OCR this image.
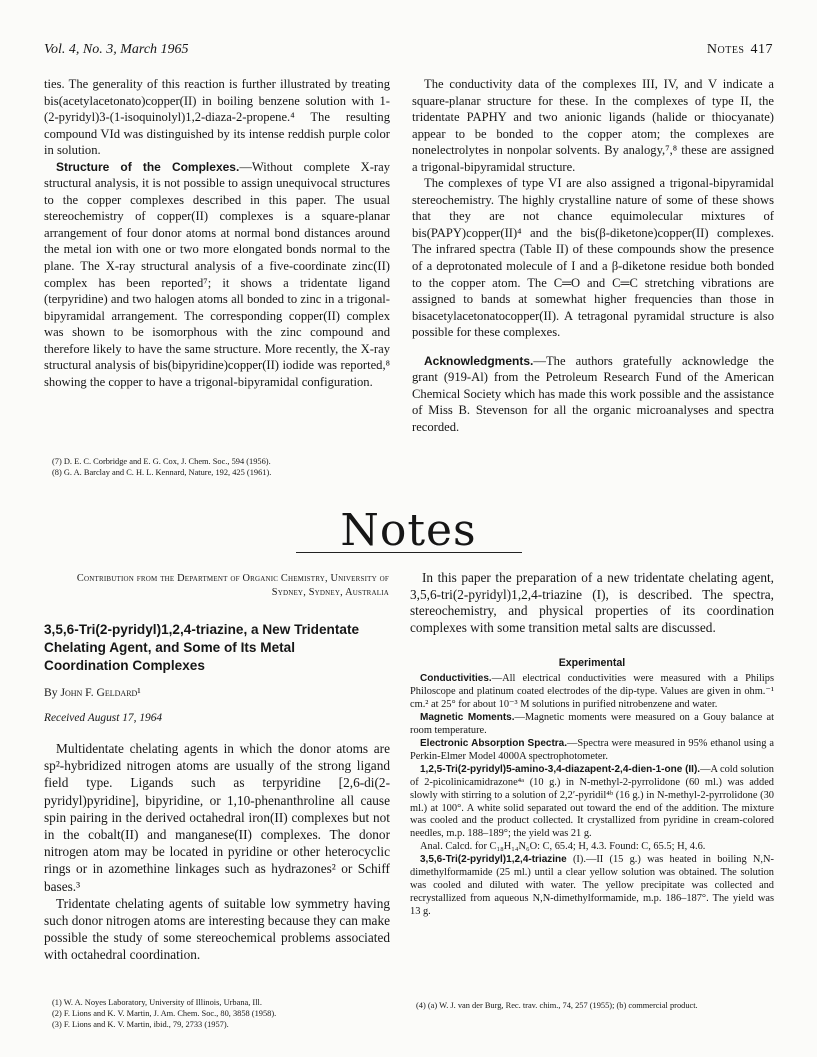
Vol. 4, No. 3, March 1965	Notes 417

ties. The generality of this reaction is further illustrated by treating bis(acetylacetonato)copper(II) in boiling benzene solution with 1-(2-pyridyl)3-(1-isoquinolyl)1,2-diaza-2-propene.⁴ The resulting compound VId was distinguished by its intense reddish purple color in solution.

Structure of the Complexes.—Without complete X-ray structural analysis, it is not possible to assign unequivocal structures to the copper complexes described in this paper. The usual stereochemistry of copper(II) complexes is a square-planar arrangement of four donor atoms at normal bond distances around the metal ion with one or two more elongated bonds normal to the plane. The X-ray structural analysis of a five-coordinate zinc(II) complex has been reported⁷; it shows a tridentate ligand (terpyridine) and two halogen atoms all bonded to zinc in a trigonal-bipyramidal arrangement. The corresponding copper(II) complex was shown to be isomorphous with the zinc compound and therefore likely to have the same structure. More recently, the X-ray structural analysis of bis(bipyridine)copper(II) iodide was reported,⁸ showing the copper to have a trigonal-bipyramidal configuration.

(7) D. E. C. Corbridge and E. G. Cox, J. Chem. Soc., 594 (1956).
(8) G. A. Barclay and C. H. L. Kennard, Nature, 192, 425 (1961).

The conductivity data of the complexes III, IV, and V indicate a square-planar structure for these. In the complexes of type II, the tridentate PAPHY and two anionic ligands (halide or thiocyanate) appear to be bonded to the copper atom; the complexes are nonelectrolytes in nonpolar solvents. By analogy,⁷,⁸ these are assigned a trigonal-bipyramidal structure.

The complexes of type VI are also assigned a trigonal-bipyramidal stereochemistry. The highly crystalline nature of some of these shows that they are not chance equimolecular mixtures of bis(PAPY)copper(II)⁴ and the bis(β-diketone)copper(II) complexes. The infrared spectra (Table II) of these compounds show the presence of a deprotonated molecule of I and a β-diketone residue both bonded to the copper atom. The C═O and C═C stretching vibrations are assigned to bands at somewhat higher frequencies than those in bisacetylacetonatocopper(II). A tetragonal pyramidal structure is also possible for these complexes.

Acknowledgments.—The authors gratefully acknowledge the grant (919-Al) from the Petroleum Research Fund of the American Chemical Society which has made this work possible and the assistance of Miss B. Stevenson for all the organic microanalyses and spectra recorded.

Notes
Contribution from the Department of Organic Chemistry, University of Sydney, Sydney, Australia
3,5,6-Tri(2-pyridyl)1,2,4-triazine, a New Tridentate Chelating Agent, and Some of Its Metal Coordination Complexes
By John F. Geldard¹
Received August 17, 1964

Multidentate chelating agents in which the donor atoms are sp²-hybridized nitrogen atoms are usually of the strong ligand field type. Ligands such as terpyridine [2,6-di(2-pyridyl)pyridine], bipyridine, or 1,10-phenanthroline all cause spin pairing in the derived octahedral iron(II) complexes but not in the cobalt(II) and manganese(II) complexes. The donor nitrogen atom may be located in pyridine or other heterocyclic rings or in azomethine linkages such as hydrazones² or Schiff bases.³

Tridentate chelating agents of suitable low symmetry having such donor nitrogen atoms are interesting because they can make possible the study of some stereochemical problems associated with octahedral coordination.

(1) W. A. Noyes Laboratory, University of Illinois, Urbana, Ill.
(2) F. Lions and K. V. Martin, J. Am. Chem. Soc., 80, 3858 (1958).
(3) F. Lions and K. V. Martin, ibid., 79, 2733 (1957).

In this paper the preparation of a new tridentate chelating agent, 3,5,6-tri(2-pyridyl)1,2,4-triazine (I), is described. The spectra, stereochemistry, and physical properties of its coordination complexes with some transition metal salts are discussed.

Experimental

Conductivities.—All electrical conductivities were measured with a Philips Philoscope and platinum coated electrodes of the dip-type. Values are given in ohm.⁻¹ cm.² at 25° for about 10⁻³ M solutions in purified nitrobenzene and water.

Magnetic Moments.—Magnetic moments were measured on a Gouy balance at room temperature.

Electronic Absorption Spectra.—Spectra were measured in 95% ethanol using a Perkin-Elmer Model 4000A spectrophotometer.

1,2,5-Tri(2-pyridyl)5-amino-3,4-diazapent-2,4-dien-1-one (II).—A cold solution of 2-picolinicamidrazone⁴ᵃ (10 g.) in N-methyl-2-pyrrolidone (60 ml.) was added slowly with stirring to a solution of 2,2′-pyridil⁴ᵇ (16 g.) in N-methyl-2-pyrrolidone (30 ml.) at 100°. A white solid separated out toward the end of the addition. The mixture was cooled and the product collected. It crystallized from pyridine in cream-colored needles, m.p. 188–189°; the yield was 21 g.

Anal. Calcd. for C₁₈H₁₄N₆O: C, 65.4; H, 4.3. Found: C, 65.5; H, 4.6.

3,5,6-Tri(2-pyridyl)1,2,4-triazine (I).—II (15 g.) was heated in boiling N,N-dimethylformamide (25 ml.) until a clear yellow solution was obtained. The solution was cooled and diluted with water. The yellow precipitate was collected and recrystallized from aqueous N,N-dimethylformamide, m.p. 186–187°. The yield was 13 g.

(4) (a) W. J. van der Burg, Rec. trav. chim., 74, 257 (1955); (b) commercial product.
